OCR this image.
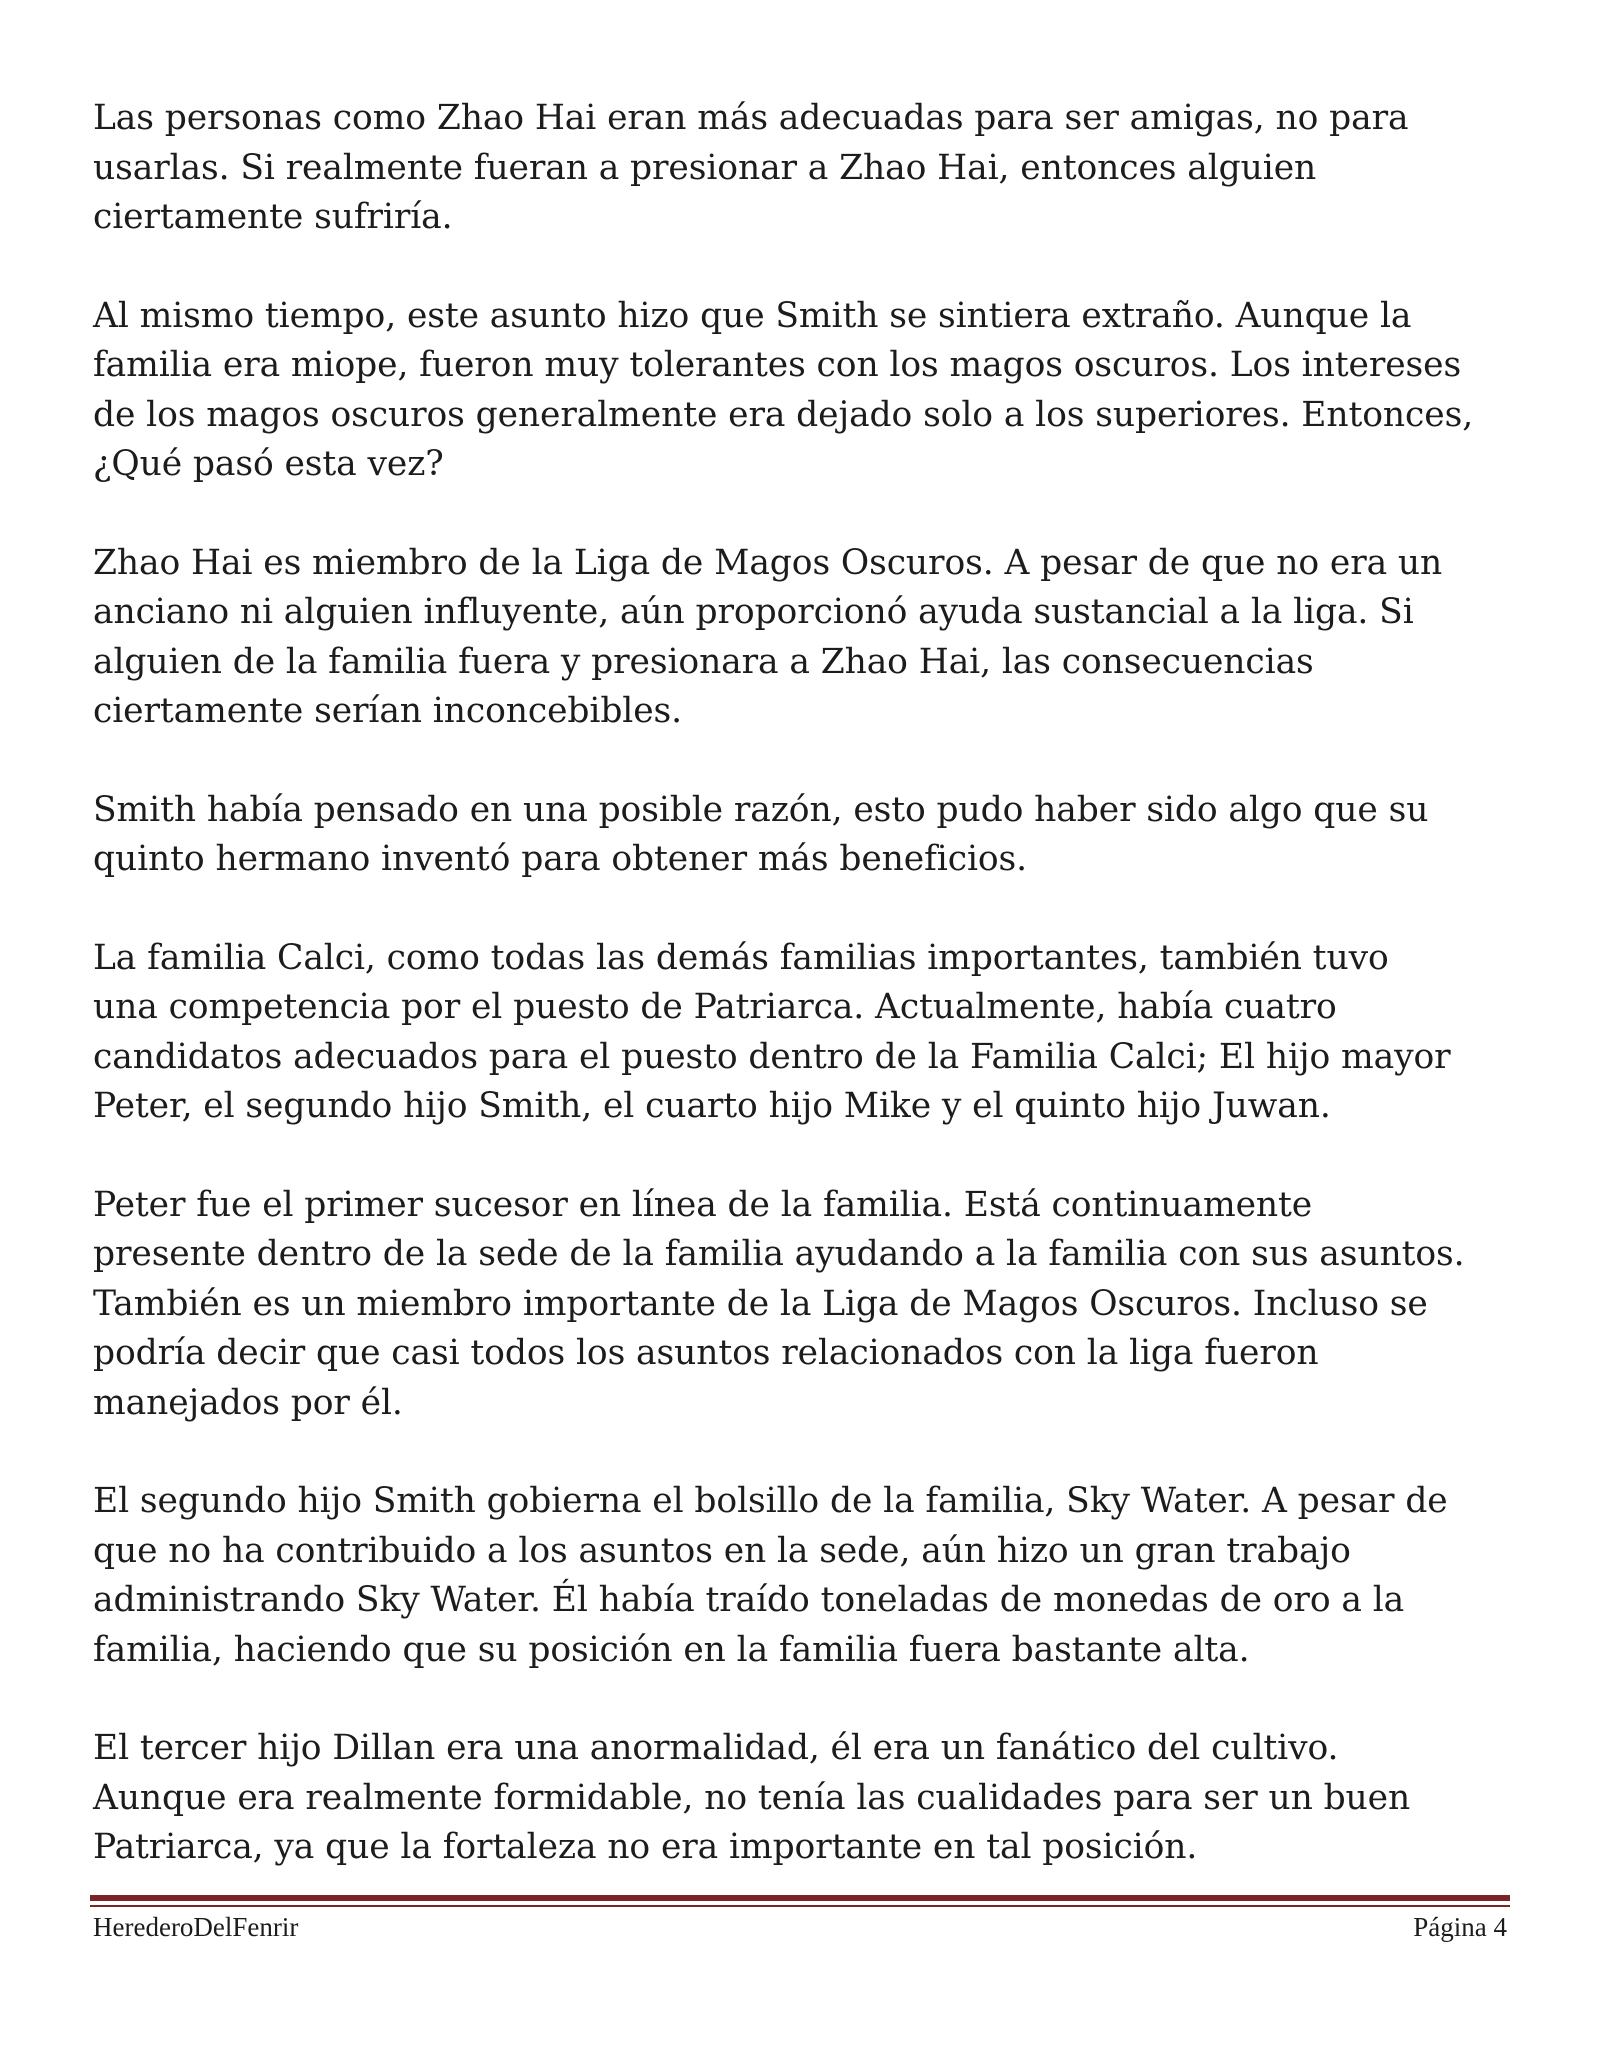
Las personas como Zhao Hai eran más adecuadas para ser amigas, no para
usarlas. Si realmente fueran a presionar a Zhao Hai, entonces alguien
ciertamente sufriría.

Al mismo tiempo, este asunto hizo que Smith se sintiera extraño. Aunque la
familia era miope, fueron muy tolerantes con los magos oscuros. Los intereses
de los magos oscuros generalmente era dejado solo a los superiores. Entonces,
¿Qué pasó esta vez?

Zhao Hai es miembro de la Liga de Magos Oscuros. A pesar de que no era un
anciano ni alguien influyente, aún proporcionó ayuda sustancial a la liga. Si
alguien de la familia fuera y presionara a Zhao Hai, las consecuencias
ciertamente serían inconcebibles.

Smith había pensado en una posible razón, esto pudo haber sido algo que su
quinto hermano inventó para obtener más beneficios.

La familia Calci, como todas las demás familias importantes, también tuvo
una competencia por el puesto de Patriarca. Actualmente, había cuatro
candidatos adecuados para el puesto dentro de la Familia Calci; El hijo mayor
Peter, el segundo hijo Smith, el cuarto hijo Mike y el quinto hijo Juwan.

Peter fue el primer sucesor en línea de la familia. Está continuamente
presente dentro de la sede de la familia ayudando a la familia con sus asuntos.
También es un miembro importante de la Liga de Magos Oscuros. Incluso se
podría decir que casi todos los asuntos relacionados con la liga fueron
manejados por él.

El segundo hijo Smith gobierna el bolsillo de la familia, Sky Water. A pesar de
que no ha contribuido a los asuntos en la sede, aún hizo un gran trabajo
administrando Sky Water. Él había traído toneladas de monedas de oro a la
familia, haciendo que su posición en la familia fuera bastante alta.

El tercer hijo Dillan era una anormalidad, él era un fanático del cultivo.
Aunque era realmente formidable, no tenía las cualidades para ser un buen
Patriarca, ya que la fortaleza no era importante en tal posición.

HerederoDelFenrir	Página 4
